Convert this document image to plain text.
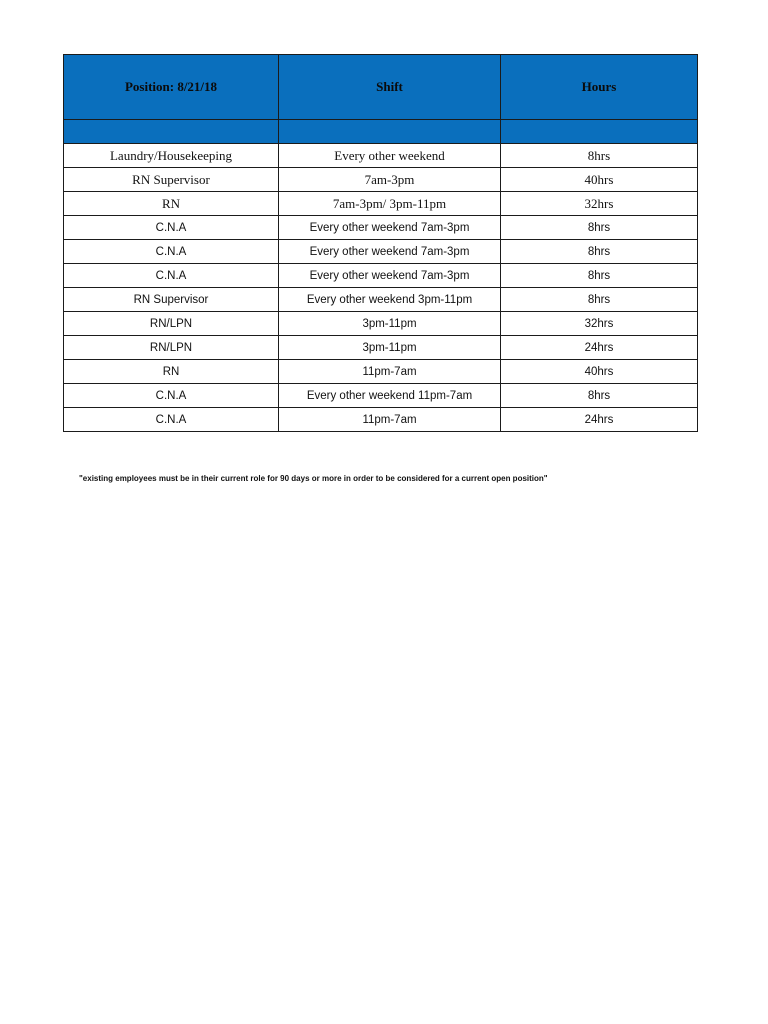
Position: 8/21/18	Shift	Hours

Laundry/Housekeeping	Every other weekend	8hrs
RN Supervisor	7am-3pm	40hrs
RN	7am-3pm/ 3pm-11pm	32hrs
C.N.A	Every other weekend 7am-3pm	8hrs
C.N.A	Every other weekend 7am-3pm	8hrs
C.N.A	Every other weekend 7am-3pm	8hrs
RN Supervisor	Every other weekend 3pm-11pm	8hrs
RN/LPN	3pm-11pm	32hrs
RN/LPN	3pm-11pm	24hrs
RN	11pm-7am	40hrs
C.N.A	Every other weekend 11pm-7am	8hrs
C.N.A	11pm-7am	24hrs
"existing employees must be in their current role for 90 days or more in order to be considered for a current open position"
